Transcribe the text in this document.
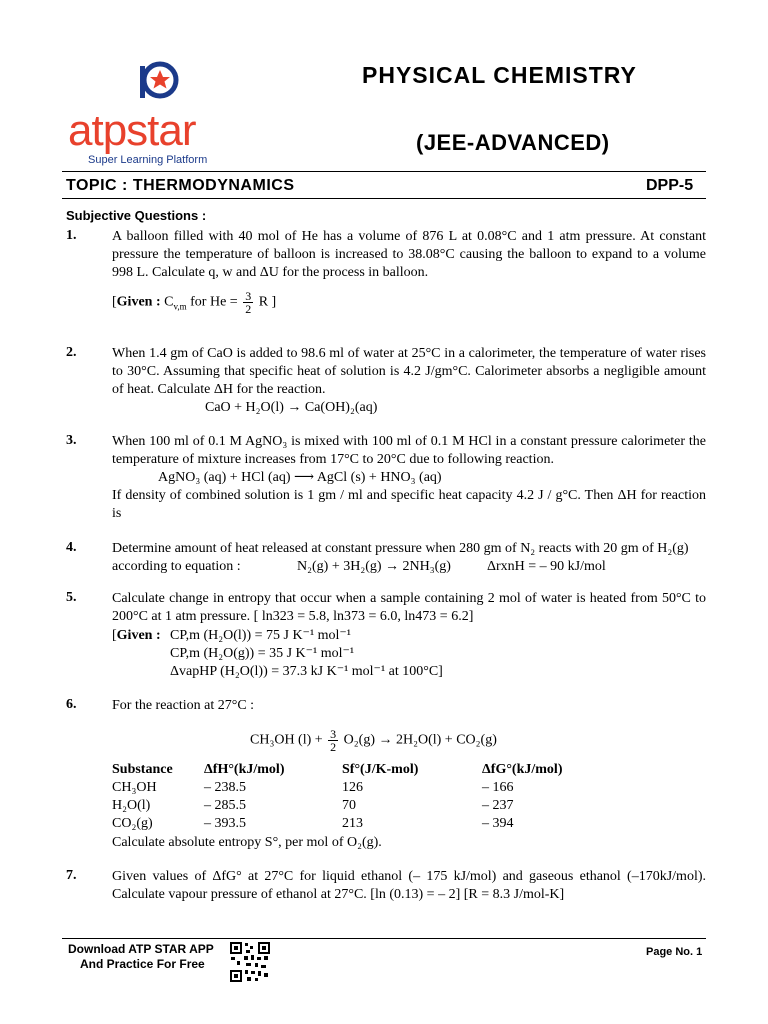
atpstar
Super Learning Platform
PHYSICAL CHEMISTRY
(JEE-ADVANCED)
TOPIC : THERMODYNAMICS	DPP-5
Subjective Questions :
1.	A balloon filled with 40 mol of He has a volume of 876 L at 0.08°C and 1 atm pressure. At constant pressure the temperature of balloon is increased to 38.08°C causing the balloon to expand to a volume 998 L. Calculate q, w and ΔU for the process in balloon.
[Given : $C_{v,m}$ for $He = \frac{3}{2}$ R ]
2.	When 1.4 gm of CaO is added to 98.6 ml of water at 25°C in a calorimeter, the temperature of water rises to 30°C. Assuming that specific heat of solution is 4.2 J/gm°C. Calorimeter absorbs a negligible amount of heat. Calculate ΔH for the reaction.
CaO + H₂O(l) → Ca(OH)₂(aq)
3.	When 100 ml of 0.1 M AgNO₃ is mixed with 100 ml of 0.1 M HCl in a constant pressure calorimeter the temperature of mixture increases from 17°C to 20°C due to following reaction.
AgNO₃ (aq) + HCl (aq) ⟶ AgCl (s) + HNO₃ (aq)
If density of combined solution is 1 gm / ml and specific heat capacity 4.2 J / g°C. Then ΔH for reaction is
4.	Determine amount of heat released at constant pressure when 280 gm of N₂ reacts with 20 gm of H₂(g)
according to equation :	N₂(g) + 3H₂(g) → 2NH₃(g)	ΔrxnH = – 90 kJ/mol
5.	Calculate change in entropy that occur when a sample containing 2 mol of water is heated from 50°C to 200°C at 1 atm pressure. [ ln323 = 5.8, ln373 = 6.0, ln473 = 6.2]
[Given : CP,m (H₂O(l)) = 75 J K⁻¹ mol⁻¹
CP,m (H₂O(g)) = 35 J K⁻¹ mol⁻¹
ΔvapHP (H₂O(l)) = 37.3 kJ K⁻¹ mol⁻¹ at 100°C]
6.	For the reaction at 27°C :
CH₃OH $(l) + \frac{3}{2} O_2(g) \to 2H_2O(l) + CO_2(g)$
Substance	ΔfH°(kJ/mol)	Sf°(J/K-mol)	ΔfG°(kJ/mol)
CH₃OH	– 238.5	126	– 166
H₂O(l)	– 285.5	70	– 237
CO₂(g)	– 393.5	213	– 394
Calculate absolute entropy S°, per mol of O₂(g).
7.	Given values of ΔfG° at 27°C for liquid ethanol (– 175 kJ/mol) and gaseous ethanol (–170kJ/mol). Calculate vapour pressure of ethanol at 27°C. [ln (0.13) = – 2] [R = 8.3 J/mol-K]
Download ATP STAR APP
And Practice For Free
Page No. 1
